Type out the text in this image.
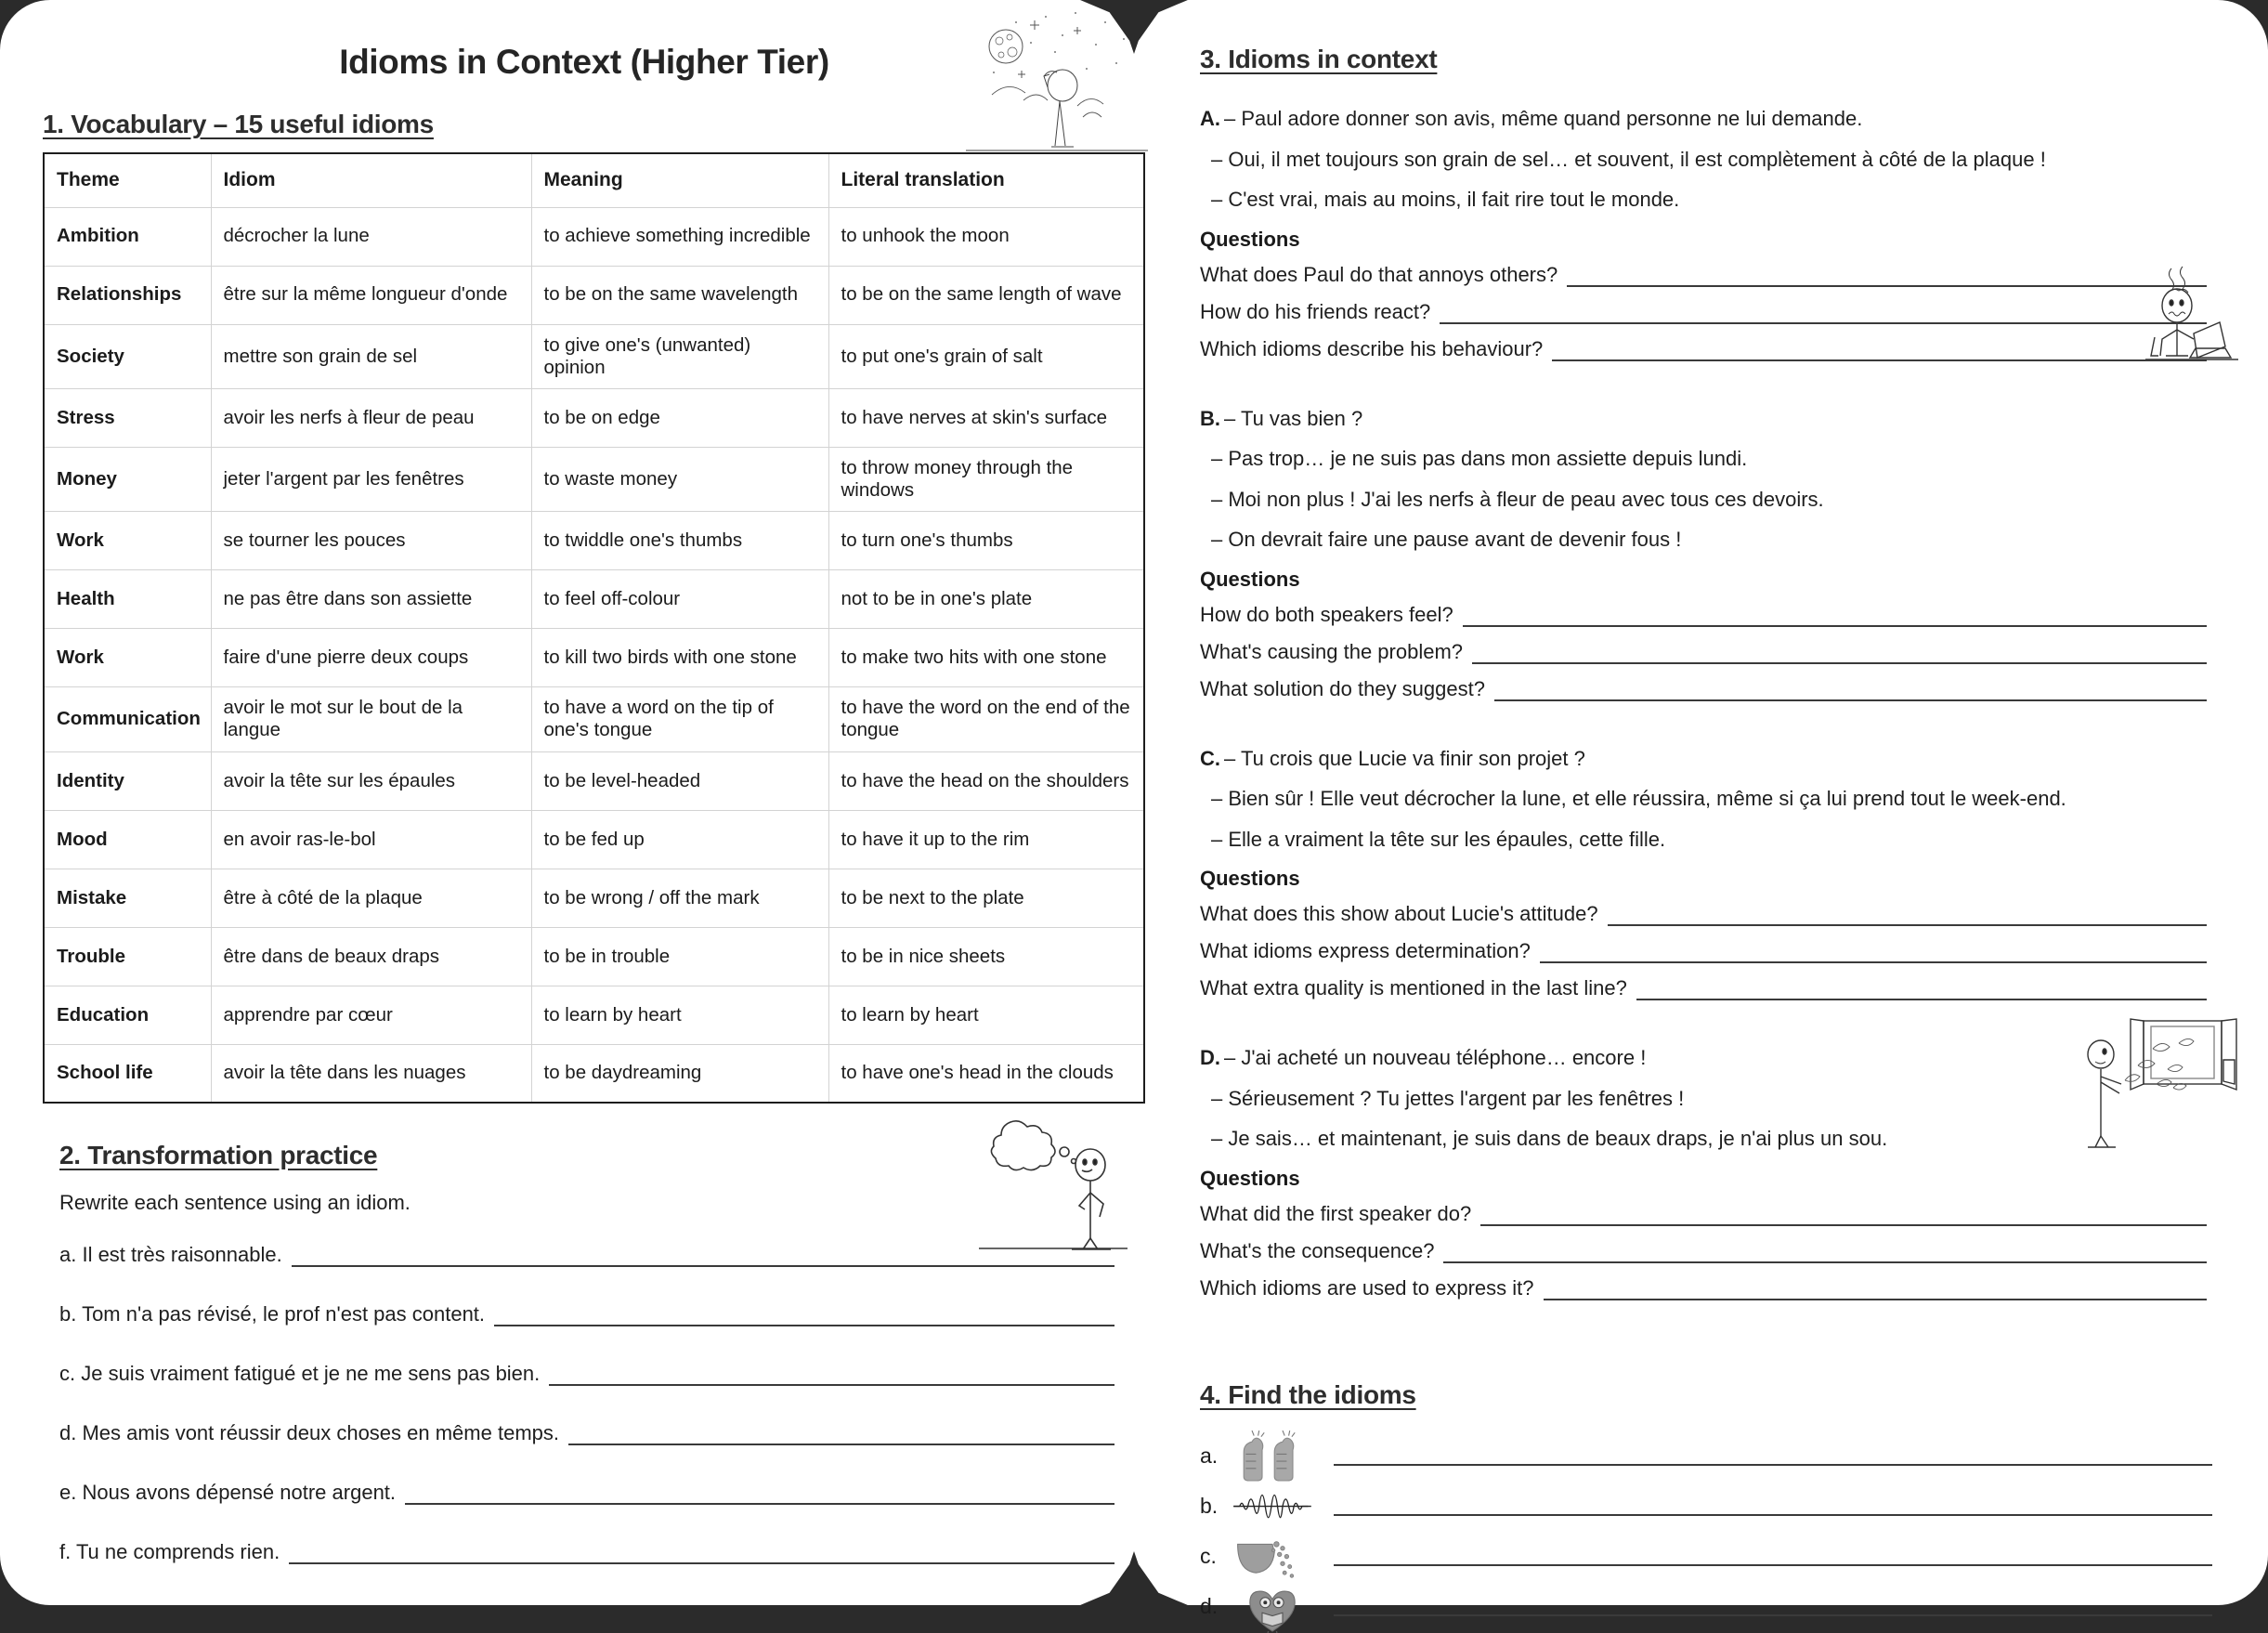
Idioms in Context (Higher Tier)
1. Vocabulary – 15 useful idioms
Theme	Idiom	Meaning	Literal translation
Ambition	décrocher la lune	to achieve something incredible	to unhook the moon
Relationships	être sur la même longueur d'onde	to be on the same wavelength	to be on the same length of wave
Society	mettre son grain de sel	to give one's (unwanted) opinion	to put one's grain of salt
Stress	avoir les nerfs à fleur de peau	to be on edge	to have nerves at skin's surface
Money	jeter l'argent par les fenêtres	to waste money	to throw money through the windows
Work	se tourner les pouces	to twiddle one's thumbs	to turn one's thumbs
Health	ne pas être dans son assiette	to feel off-colour	not to be in one's plate
Work	faire d'une pierre deux coups	to kill two birds with one stone	to make two hits with one stone
Communication	avoir le mot sur le bout de la langue	to have a word on the tip of one's tongue	to have the word on the end of the tongue
Identity	avoir la tête sur les épaules	to be level-headed	to have the head on the shoulders
Mood	en avoir ras-le-bol	to be fed up	to have it up to the rim
Mistake	être à côté de la plaque	to be wrong / off the mark	to be next to the plate
Trouble	être dans de beaux draps	to be in trouble	to be in nice sheets
Education	apprendre par cœur	to learn by heart	to learn by heart
School life	avoir la tête dans les nuages	to be daydreaming	to have one's head in the clouds
2. Transformation practice
Rewrite each sentence using an idiom.
a. Il est très raisonnable.
b. Tom n'a pas révisé, le prof n'est pas content.
c. Je suis vraiment fatigué et je ne me sens pas bien.
d. Mes amis vont réussir deux choses en même temps.
e. Nous avons dépensé notre argent.
f. Tu ne comprends rien.
3. Idioms in context
A. – Paul adore donner son avis, même quand personne ne lui demande.
– Oui, il met toujours son grain de sel… et souvent, il est complètement à côté de la plaque !
– C'est vrai, mais au moins, il fait rire tout le monde.
Questions
What does Paul do that annoys others?
How do his friends react?
Which idioms describe his behaviour?
B. – Tu vas bien ?
– Pas trop… je ne suis pas dans mon assiette depuis lundi.
– Moi non plus ! J'ai les nerfs à fleur de peau avec tous ces devoirs.
– On devrait faire une pause avant de devenir fous !
Questions
How do both speakers feel?
What's causing the problem?
What solution do they suggest?
C. – Tu crois que Lucie va finir son projet ?
– Bien sûr ! Elle veut décrocher la lune, et elle réussira, même si ça lui prend tout le week-end.
– Elle a vraiment la tête sur les épaules, cette fille.
Questions
What does this show about Lucie's attitude?
What idioms express determination?
What extra quality is mentioned in the last line?
D. – J'ai acheté un nouveau téléphone… encore !
– Sérieusement ? Tu jettes l'argent par les fenêtres !
– Je sais… et maintenant, je suis dans de beaux draps, je n'ai plus un sou.
Questions
What did the first speaker do?
What's the consequence?
Which idioms are used to express it?
4. Find the idioms
a.
b.
c.
d.
